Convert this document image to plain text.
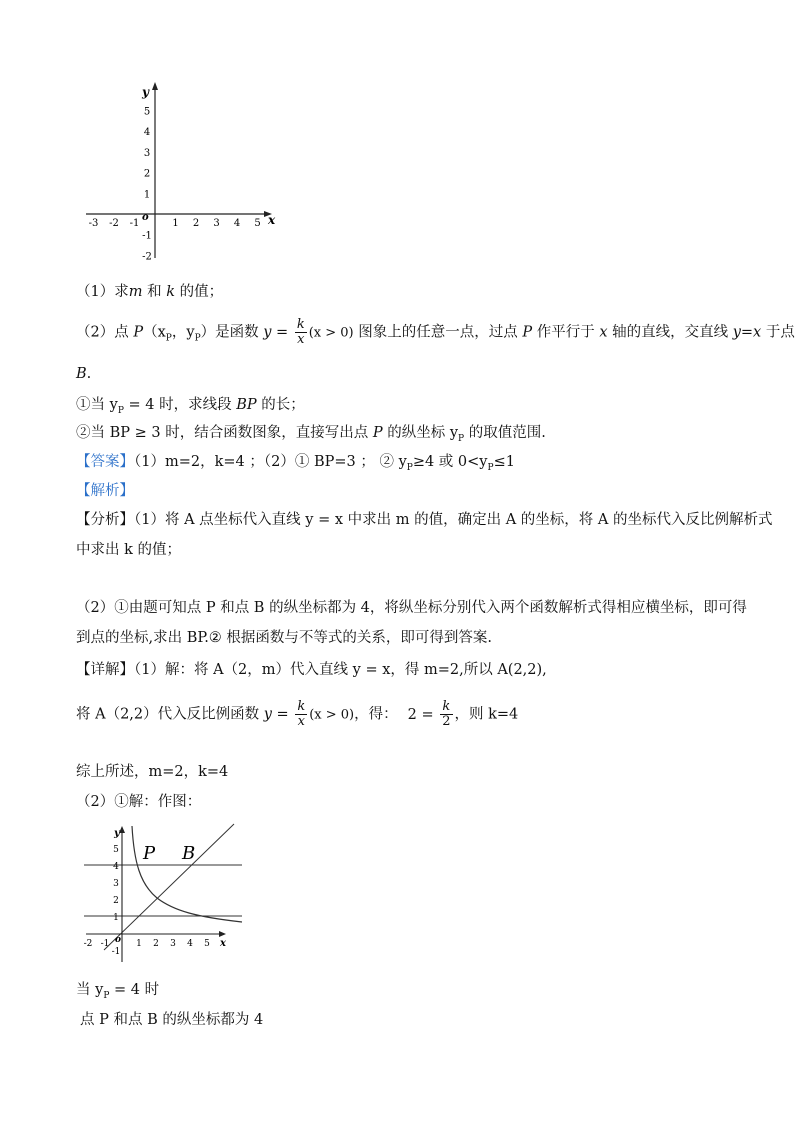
y
x
o
-3 -2 -1	1 2 3 4 5
5
4
3
2
1
-1
-2
（1）求m 和 k 的值；
（2）点 $P(x_P$，$y_P$）是函数 $y = \frac{k}{x} (x > 0)$ 图象上的任意一点，过点 P 作平行于 x 轴的直线，交直线 y=x 于点
B.
①当 $y_P = 4$ 时，求线段 BP 的长；
②当 BP ≥ 3 时，结合函数图象，直接写出点 P 的纵坐标 $y_P$ 的取值范围.
【答案】（1）m=2，k=4 ；（2）① BP=3 ； ② $y_P\ge 4$ 或 $0<y_P\le 1$
【解析】
【分析】（1）将 A 点坐标代入直线 y = x 中求出 m 的值，确定出 A 的坐标，将 A 的坐标代入反比例解析式
中求出 k 的值；
（2）①由题可知点 P 和点 B 的纵坐标都为 4，将纵坐标分别代入两个函数解析式得相应横坐标，即可得
到点的坐标,求出 BP.② 根据函数与不等式的关系，即可得到答案.
【详解】（1）解：将 A（2，m）代入直线 y = x，得 m=2,所以 A(2,2),
将 A（2,2）代入反比例函数 $y = \frac{k}{x} (x > 0)$，得： $2 = \frac{k}{2}$ ，则 k=4
综上所述，m=2，k=4
（2）①解：作图：
y
x
o
P B
-2 -1	1 2 3 4 5
5
4
3
2
1
-1
当 $y_P = 4$ 时
点 P 和点 B 的纵坐标都为 4
